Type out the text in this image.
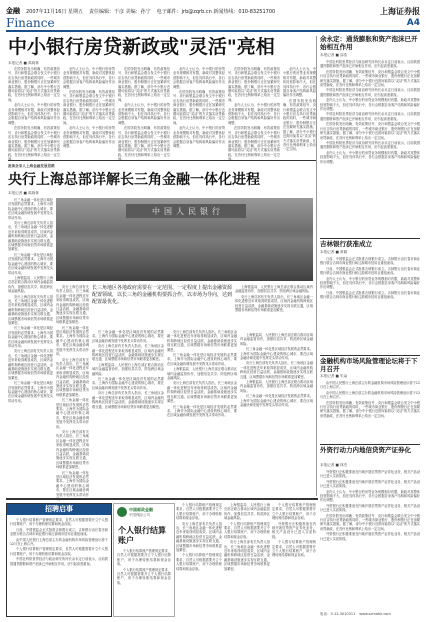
金融 2007年11月16日 星期五 责任编辑：干彦 美编：孙宁 电子邮件：jrb@zqrb.cn 新闻热线：010-83251700	上海证券报
Finance	A4
中小银行房贷新政或"灵活"亮相
本报记者 ■ 禹晓林

在国务院发出明确、有效政策信号、央行和银监会联合发文中小银行应否执行房贷新政的同时，一些城市商业银行、股份制银行正在加紧研究落实措施。据了解，部分中小银行近期可能将以"灵活"的方式落实房贷新政，在首付比例和利率上给出一定空间。

业内人士认为，中小银行的房贷业务规模相对有限，新政对其整体经营影响不大，但在具体执行中，各行会根据自身客户结构和风险偏好作出调整。

在国务院发出明确、有效政策信号、央行和银监会联合发文中小银行应否执行房贷新政的同时，一些城市商业银行、股份制银行正在加紧研究落实措施。据了解，部分中小银行近期可能将以"灵活"的方式落实房贷新政，在首付比例和利率上给出一定空

业内人士认为，中小银行的房贷业务规模相对有限，新政对其整体经营影响不大，但在具体执行中，各行会根据自身客户结构和风险偏好作出调整。

在国务院发出明确、有效政策信号、央行和银监会联合发文中小银行应否执行房贷新政的同时，一些城市商业银行、股份制银行正在加紧研究落实措施。据了解，部分中小银行近期可能将以"灵活"的方式落实房贷新政，在首付比例和利率上给出一定空间。

业内人士认为，中小银行的房贷业务规模相对有限，新政对其整体经营影响不大，但在具体执行中，各行会根据自身客户结构和风险偏好作出调整。

在国务院发出明确、有效政策信号、央行和银监会联合发文中小银行应否执行房贷新政的同时，一些城市商业银行、股份制银行正在加紧研究落实措施。据了解，部分中小银行近期可能将以"灵活"的方式落实房贷新政，在首付比例和利率上给出一定空间。

业内人士认为，中小银行的房贷业务规模相对有限，新政对其整体经营影响不大，但在具体执行中，各行会根据自身客户结构和风险偏好作出调整。

在国务院发出明确、有效政策信号、央行和银监会联合发文中小银行应否执行房贷新政的同时，一些城市商业银行、股份制银行正在加紧研究落实措施。据了解，部分中小银行近期可能将以"灵活"的方式落实房贷新政，在首付比例和利率上给出一定空

业内人士认为，中小银行的房贷业务规模相对有限，新政对其整体经营影响不大，但在具体执行中，各行会根据自身客户结构和风险偏好作出调整。

在国务院发出明确、有效政策信号、央行和银监会联合发文中小银行应否执行房贷新政的同时，一些城市商业银行、股份制银行正在加紧研究落实措施。据了解，部分中小银行近期可能将以"灵活"的方式落实房贷新政，在首付比例和利率上给出一定空间。

业内人士认为，中小银行的房贷业务规模相对有限，新政对其整体经营影响不大，但在具体执行中，各行会根据自身客户结构和风险偏好作出调整。

在国务院发出明确、有效政策信号、央行和银监会联合发文中小银行应否执行房贷新政的同时，一些城市商业银行、股份制银行正在加紧研究落实措施。据了解，部分中小银行近期可能将以"灵活"的方式落实房贷新政，在首付比例和利率上给出一定空间。

业内人士认为，中小银行的房贷业务规模相对有限，新政对其整体经营影响不大，但在具体执行中，各行会根据自身客户结构和风险偏好作出调整。

在国务院发出明确、有效政策信号、央行和银监会联合发文中小银行应否执行房贷新政的同时，一些城市商业银行、股份制银行正在加紧研究落实措施。据了解，部分中小银行近期可能将以"灵活"的方式落实房贷新政，在首付比例和利率上给出一定空

业内人士认为，中小银行的房贷业务规模相对有限，新政对其整体经营影响不大，但在具体执行中，各行会根据自身客户结构和风险偏好作出调整。

在国务院发出明确、有效政策信号、央行和银监会联合发文中小银行应否执行房贷新政的同时，一些城市商业银行、股份制银行正在加紧研究落实措施。据了解，部分中小银行近期可能将以"灵活"的方式落实房贷新政，在首付比例和利率上给出一定空间。

座谈会来人上海金融发展思路
央行上海总部详解长三角金融一体化进程
本报记者 ■ 禹晓林

长三角金融一体化是区域经济发展的必然要求。上海作为国际金融中心建设的核心城市，要在区域金融协调发展中发挥龙头带动作用。

央行上海总部有关负责人指出，长三角地区金融一体化进程近年来取得明显成效，区域内金融机构跨地区经营日益活跃，金融基础设施逐步实现互联互通，区域票据市场和信贷市场联系更加紧密。

长三角金融一体化是区域经济发展的必然要求。上海作为国际金融中心建设的核心城市，要在区域金融协调发展中发挥龙头带动作用。

上海银监局、人民银行上海总部正联合推动区域内金融监管协作，加强信息共享，防范跨区域金融风险。

央行上海总部有关负责人指出，长三角地区金融一体化进程近年来取得明显成效，区域内金融机构跨地区经营日益活跃，金融基础设施逐步实现互联互通，区域票据市场和信贷市场联系更加紧密。

长三角金融一体化是区域经济发展的必然要求。上海作为国际金融中心建设的核心城市，要在区域金融协调发展中发挥龙头带动作用。

央行上海总部有关负责人指出，长三角地区金融一体化进程近年来取得明显成效，区域内金融机构跨地区经营日益活跃，金融基础设施逐步实现互联互通，区域票据市场和信贷市场联系更加紧密。

长三角金融一体化是区域经济发展的必然要求。上海作为国际金融中心建设的核心城市，要在区域金融协调发展中发挥龙头带动作用。

中国人民银行
长三角地区各地政府需要在一定范围、一定程度上提出金融资源配置领域，以长三角的金融机构要抓合作，以市场为导向，达到配置最优化。

央行上海总部有关负责人指出，长三角地区金融一体化进程近年来取得明显成效，区域内金融机构跨地区经营日益活跃，金融基础设施逐步实现互联互通，区域票据市场和信贷市场联系更加紧密。

长三角金融一体化是区域经济发展的必然要求。上海作为国际金融中心建设的核心城市，要在区域金融协调发展中发挥龙头带动作用。

央行上海总部有关负责人指出，长三角地区金融一体化进程近年来取得明显成效，区域内金融机构跨地区经营日益活跃，金融基础设施逐步实现互联互通，区域票据市场和信贷市场联系更加紧密。

长三角金融一体化是区域经济发展的必然要求。上海作为国际金融中心建设的核心城市，要在区域金融协调发展中发挥龙头带动作用。

央行上海总部有关负责人指出，长三角地区金融一体化进程近年来取得明显成效，区域内金融机构跨地区经营日益活跃，金融基础设施逐步实现互联互通，区域票据市场和信贷市场联系更加紧密。

长三角金融一体化是区域经济发展的必然要求。上海作为国际金融中心建设的核心城市，要在区域金融协调发展中发挥龙头带动作

上海银监局、人民银行上海总部正联合推动区域内金融监管协作，加强信息共享，防范跨区域金融风险。

央行上海总部有关负责人指出，长三角地区金融一体化进程近年来取得明显成效，区域内金融机构跨地区经营日益活跃，金融基础设施逐步实现互联互通，区域票据市场和信贷市场联系更加紧密。

长三角金融一体化是区域经济发展的必然要求。上海作为国际金融中心建设的核心城市，要在区域金融协调发展中发挥龙头带动作用。

央行上海总部有关负责人指出，长三角地区金融一体化进程近年来取得明显成效，区域内金融机构跨地区经营日益活跃，金融基础设施逐步实现互联互通，区域票据市场和信贷市场联系更加紧密。

上海银监局、人民银行上海总部正联合推动区域内金融监管协作，加强信息共享，防范跨区域金融风险。

长三角金融一体化是区域经济发展的必然要求。上海作为国际金融中心建设的核心城市，要在区域金融协调发展中发挥龙头带动作用。

央行上海总部有关负责人指出，长三角地区金融一体化进程近年来取得明显成效，区域内金融机构跨地区经营日益活跃，金融基础设施逐步实现互联互通，区域票据市场和信贷市场联系更加紧密。

央行上海总部有关负责人指出，长三角地区金融一体化进程近年来取得明显成效，区域内金融机构跨地区经营日益活跃，金融基础设施逐步实现互联互通，区域票据市场和信贷市场联系更加紧密。

长三角金融一体化是区域经济发展的必然要求。上海作为国际金融中心建设的核心城市，要在区域金融协调发展中发挥龙头带动作用。

上海银监局、人民银行上海总部正联合推动区域内金融监管协作，加强信息共享，防范跨区域金融风险。

央行上海总部有关负责人指出，长三角地区金融一体化进程近年来取得明显成效，区域内金融机构跨地区经营日益活跃，金融基础设施逐步实现互联互通，区域票据市场和信贷市场联系更加紧密。

长三角金融一体化是区域经济发展的必然要求。上海作为国际金融中心建设的核心城市，要在区域金融协调发展中发挥龙头带动作用。

上海银监局、人民银行上海总部正联合推动区域内金融监管协作，加强信息共享，防范跨区域金融风险。

长三角金融一体化是区域经济发展的必然要求。上海作为国际金融中心建设的核心城市，要在区域金融协调发展中发挥龙头带动作用。

央行上海总部有关负责人指出，长三角地区金融一体化进程近年来取得明显成效，区域内金融机构跨地区经营日益活跃，金融基础设施逐步实现互联互通，区域票据市场和信贷市场联系更加紧密。

上海银监局、人民银行上海总部正联合推动区域内金融监管协作，加强信息共享，防范跨区域金融风险。

长三角金融一体化是区域经济发展的必然要求。上海作为国际金融中心建设的核心城市，要在区域金融协调发展中发挥龙头带动作用。

余永定：通货膨胀和资产泡沫已开始相互作用
本报记者 ■ 邵浩

中国社科院世界经济与政治研究所所长余永定日前表示，目前我国通货膨胀和资产泡沫已开始相互作用，应引起高度重视。

在国务院发出明确、有效政策信号、央行和银监会联合发文中小银行应否执行房贷新政的同时，一些城市商业银行、股份制银行正在加紧研究落实措施。据了解，部分中小银行近期可能将以"灵活"的方式落实房贷新政，在首付比例和利率上给出一定空间。

中国社科院世界经济与政治研究所所长余永定日前表示，目前我国通货膨胀和资产泡沫已开始相互作用，应引起高度重视。

业内人士认为，中小银行的房贷业务规模相对有限，新政对其整体经营影响不大，但在具体执行中，各行会根据自身客户结构和风险偏好作出调整。

中国社科院世界经济与政治研究所所长余永定日前表示，目前我国通货膨胀和资产泡沫已开始相互作用，应引起高度重视。

在国务院发出明确、有效政策信号、央行和银监会联合发文中小银行应否执行房贷新政的同时，一些城市商业银行、股份制银行正在加紧研究落实措施。据了解，部分中小银行近期可能将以"灵活"的方式落实房贷新政，在首付比例和利率上给出一定空间。

中国社科院世界经济与政治研究所所长余永定日前表示，目前我国通货膨胀和资产泡沫已开始相互作用，应引起高度重视。

业内人士认为，中小银行的房贷业务规模相对有限，新政对其整体经营影响不大，但在具体执行中，各行会根据自身客户结构和风险偏好作出调整。

吉林银行获准成立
本报记者 ■ 黄颖

日前，中国银监会正式批准吉林银行成立。吉林银行由长春市商业银行联合吉林市商业银行和辽源城市信用社重组而成。

日前，中国银监会正式批准吉林银行成立。吉林银行由长春市商业银行联合吉林市商业银行和辽源城市信用社重组而成。

业内人士认为，中小银行的房贷业务规模相对有限，新政对其整体经营影响不大，但在具体执行中，各行会根据自身客户结构和风险偏好作出调整。

日前，中国银监会正式批准吉林银行成立。吉林银行由长春市商业银行联合吉林市商业银行和辽源城市信用社重组而成。

金融机构市场风险管理论坛将于下月召开
本报记者 ■ 朱焱

由中国人民银行上海总部主办的金融机构市场风险管理论坛将于12月在上海召开。

由中国人民银行上海总部主办的金融机构市场风险管理论坛将于12月在上海召开。

在国务院发出明确、有效政策信号、央行和银监会联合发文中小银行应否执行房贷新政的同时，一些城市商业银行、股份制银行正在加紧研究落实措施。据了解，部分中小银行近期可能将以"灵活"的方式落实房贷新政，在首付比例和利率上给出一定空间。

外资行动力内地信贷资产证券化
本报记者 ■ 林杰

外资银行正积极准备在内地开展信贷资产证券化业务，相关产品设计已进入实质阶段。

外资银行正积极准备在内地开展信贷资产证券化业务，相关产品设计已进入实质阶段。

业内人士认为，中小银行的房贷业务规模相对有限，新政对其整体经营影响不大，但在具体执行中，各行会根据自身客户结构和风险偏好作出调整。

外资银行正积极准备在内地开展信贷资产证券化业务，相关产品设计已进入实质阶段。

在国务院发出明确、有效政策信号、央行和银监会联合发文中小银行应否执行房贷新政的同时，一些城市商业银行、股份制银行正在加紧研究落实措施。据了解，部分中小银行近期可能将以"灵活"的方式落实房贷新政，在首付比例和利率上给出一定空间。

外资银行正积极准备在内地开展信贷资产证券化业务，相关产品设计已进入实质阶段。

招聘启事

个人银行结算账户管理规定要求，自然人可根据需要开立个人银行结算账户，用于办理转账结算和现金存取。

日前，中国银监会正式批准吉林银行成立。吉林银行由长春市商业银行联合吉林市商业银行和辽源城市信用社重组而成。

由中国人民银行上海总部主办的金融机构市场风险管理论坛将于12月在上海召开。

个人银行结算账户管理规定要求，自然人可根据需要开立个人银行结算账户，用于办理转账结算和现金存取。

中国社科院世界经济与政治研究所所长余永定日前表示，目前我国通货膨胀和资产泡沫已开始相互作用，应引起高度重视。

中国邮政金融
中国保险公司
个人银行结算账户

个人银行结算账户管理规定要求，自然人可根据需要开立个人银行结算账户，用于办理转账结算和现金存取。

个人银行结算账户管理规定要求，自然人可根据需要开立个人银行结算账户，用于办理转账结算和现金存取。

个人银行结算账户管理规定要求，自然人可根据需要开立个人银行结算账户，用于办理转账结算和现金存取。

央行上海总部有关负责人指出，长三角地区金融一体化进程近年来取得明显成效，区域内金融机构跨地区经营日益活跃，金融基础设施逐步实现互联互通，区域票据市场和信贷市场联系更加紧密。

个人银行结算账户管理规定要求，自然人可根据需要开立个人银行结算账户，用于办理转账结算和现金存取。

上海银监局、人民银行上海总部正联合推动区域内金融监管协作，加强信息共享，防范跨区域金融风险。

个人银行结算账户管理规定要求，自然人可根据需要开立个人银行结算账户，用于办理转账结算和现金存取。

央行上海总部有关负责人指出，长三角地区金融一体化进程近年来取得明显成效，区域内金融机构跨地区经营日益活跃，金融基础设施逐步实现互联互通，区域票据市场和信贷市场联系更加紧密。

个人银行结算账户管理规定要求，自然人可根据需要开立个人银行结算账户，用于办理转账结算和现金存取。

外资银行正积极准备在内地开展信贷资产证券化业务，相关产品设计已进入实质阶段。

个人银行结算账户管理规定要求，自然人可根据需要开立个人银行结算账户，用于办理转账结算和现金存取。

电话：3-12-3010311 www.scmahk.com
